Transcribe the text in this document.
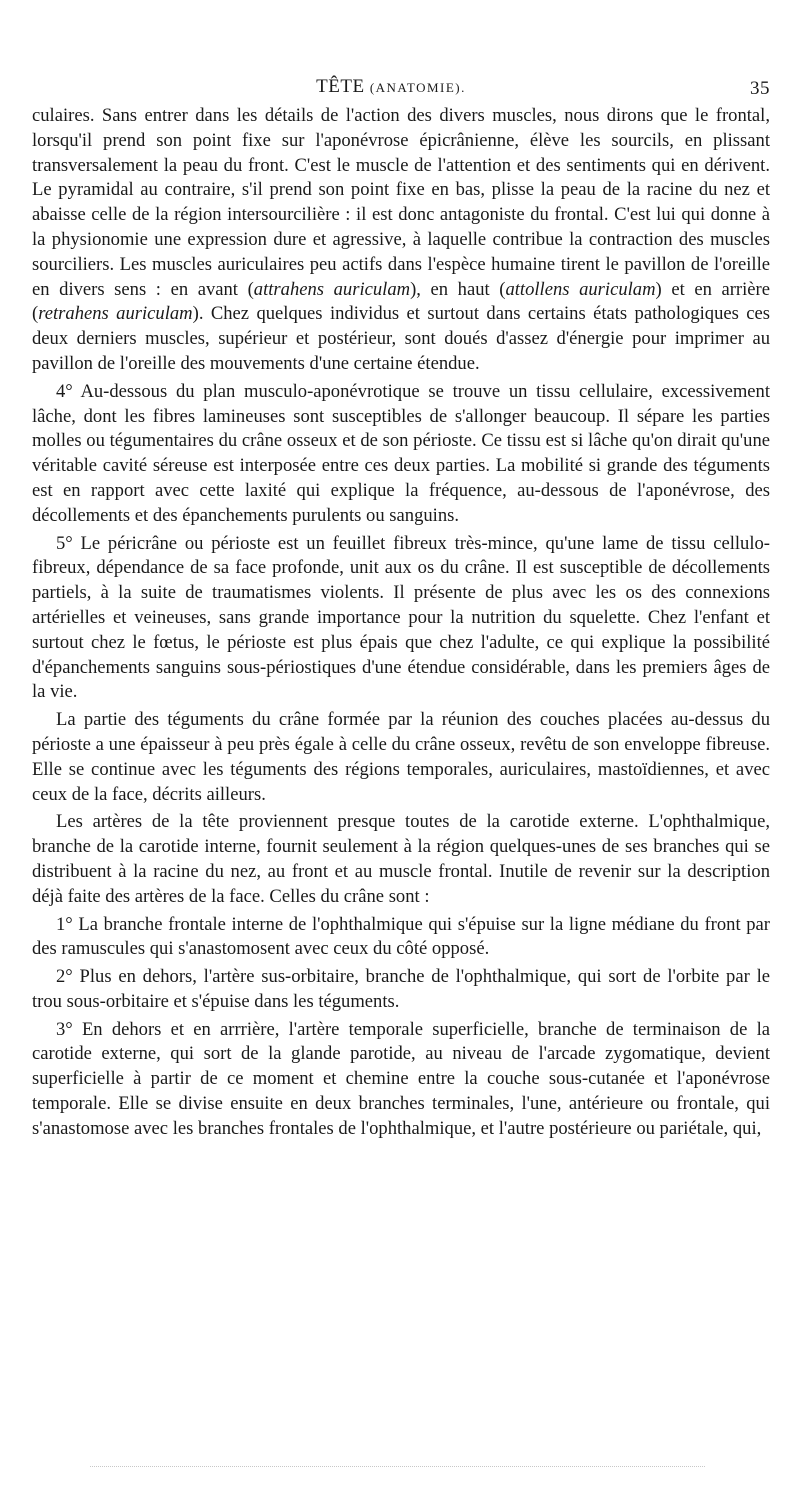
TÊTE (ANATOMIE).	35

culaires. Sans entrer dans les détails de l'action des divers muscles, nous dirons que le frontal, lorsqu'il prend son point fixe sur l'aponévrose épicrânienne, élève les sourcils, en plissant transversalement la peau du front. C'est le muscle de l'attention et des sentiments qui en dérivent. Le pyramidal au contraire, s'il prend son point fixe en bas, plisse la peau de la racine du nez et abaisse celle de la région intersourcilière : il est donc antagoniste du frontal. C'est lui qui donne à la physionomie une expression dure et agressive, à laquelle contribue la contraction des muscles sourciliers. Les muscles auriculaires peu actifs dans l'espèce humaine tirent le pavillon de l'oreille en divers sens : en avant (attrahens auriculam), en haut (attollens auriculam) et en arrière (retrahens auriculam). Chez quelques individus et surtout dans certains états pathologiques ces deux derniers muscles, supérieur et postérieur, sont doués d'assez d'énergie pour imprimer au pavillon de l'oreille des mouvements d'une certaine étendue.

4° Au-dessous du plan musculo-aponévrotique se trouve un tissu cellulaire, excessivement lâche, dont les fibres lamineuses sont susceptibles de s'allonger beaucoup. Il sépare les parties molles ou tégumentaires du crâne osseux et de son périoste. Ce tissu est si lâche qu'on dirait qu'une véritable cavité séreuse est interposée entre ces deux parties. La mobilité si grande des téguments est en rapport avec cette laxité qui explique la fréquence, au-dessous de l'aponévrose, des décollements et des épanchements purulents ou sanguins.

5° Le péricrâne ou périoste est un feuillet fibreux très-mince, qu'une lame de tissu cellulo-fibreux, dépendance de sa face profonde, unit aux os du crâne. Il est susceptible de décollements partiels, à la suite de traumatismes violents. Il présente de plus avec les os des connexions artérielles et veineuses, sans grande importance pour la nutrition du squelette. Chez l'enfant et surtout chez le fœtus, le périoste est plus épais que chez l'adulte, ce qui explique la possibilité d'épanchements sanguins sous-périostiques d'une étendue considérable, dans les premiers âges de la vie.

La partie des téguments du crâne formée par la réunion des couches placées au-dessus du périoste a une épaisseur à peu près égale à celle du crâne osseux, revêtu de son enveloppe fibreuse. Elle se continue avec les téguments des régions temporales, auriculaires, mastoïdiennes, et avec ceux de la face, décrits ailleurs.

Les artères de la tête proviennent presque toutes de la carotide externe. L'ophthalmique, branche de la carotide interne, fournit seulement à la région quelques-unes de ses branches qui se distribuent à la racine du nez, au front et au muscle frontal. Inutile de revenir sur la description déjà faite des artères de la face. Celles du crâne sont :

1° La branche frontale interne de l'ophthalmique qui s'épuise sur la ligne médiane du front par des ramuscules qui s'anastomosent avec ceux du côté opposé.

2° Plus en dehors, l'artère sus-orbitaire, branche de l'ophthalmique, qui sort de l'orbite par le trou sous-orbitaire et s'épuise dans les téguments.

3° En dehors et en arrrière, l'artère temporale superficielle, branche de terminaison de la carotide externe, qui sort de la glande parotide, au niveau de l'arcade zygomatique, devient superficielle à partir de ce moment et chemine entre la couche sous-cutanée et l'aponévrose temporale. Elle se divise ensuite en deux branches terminales, l'une, antérieure ou frontale, qui s'anastomose avec les branches frontales de l'ophthalmique, et l'autre postérieure ou pariétale, qui,
